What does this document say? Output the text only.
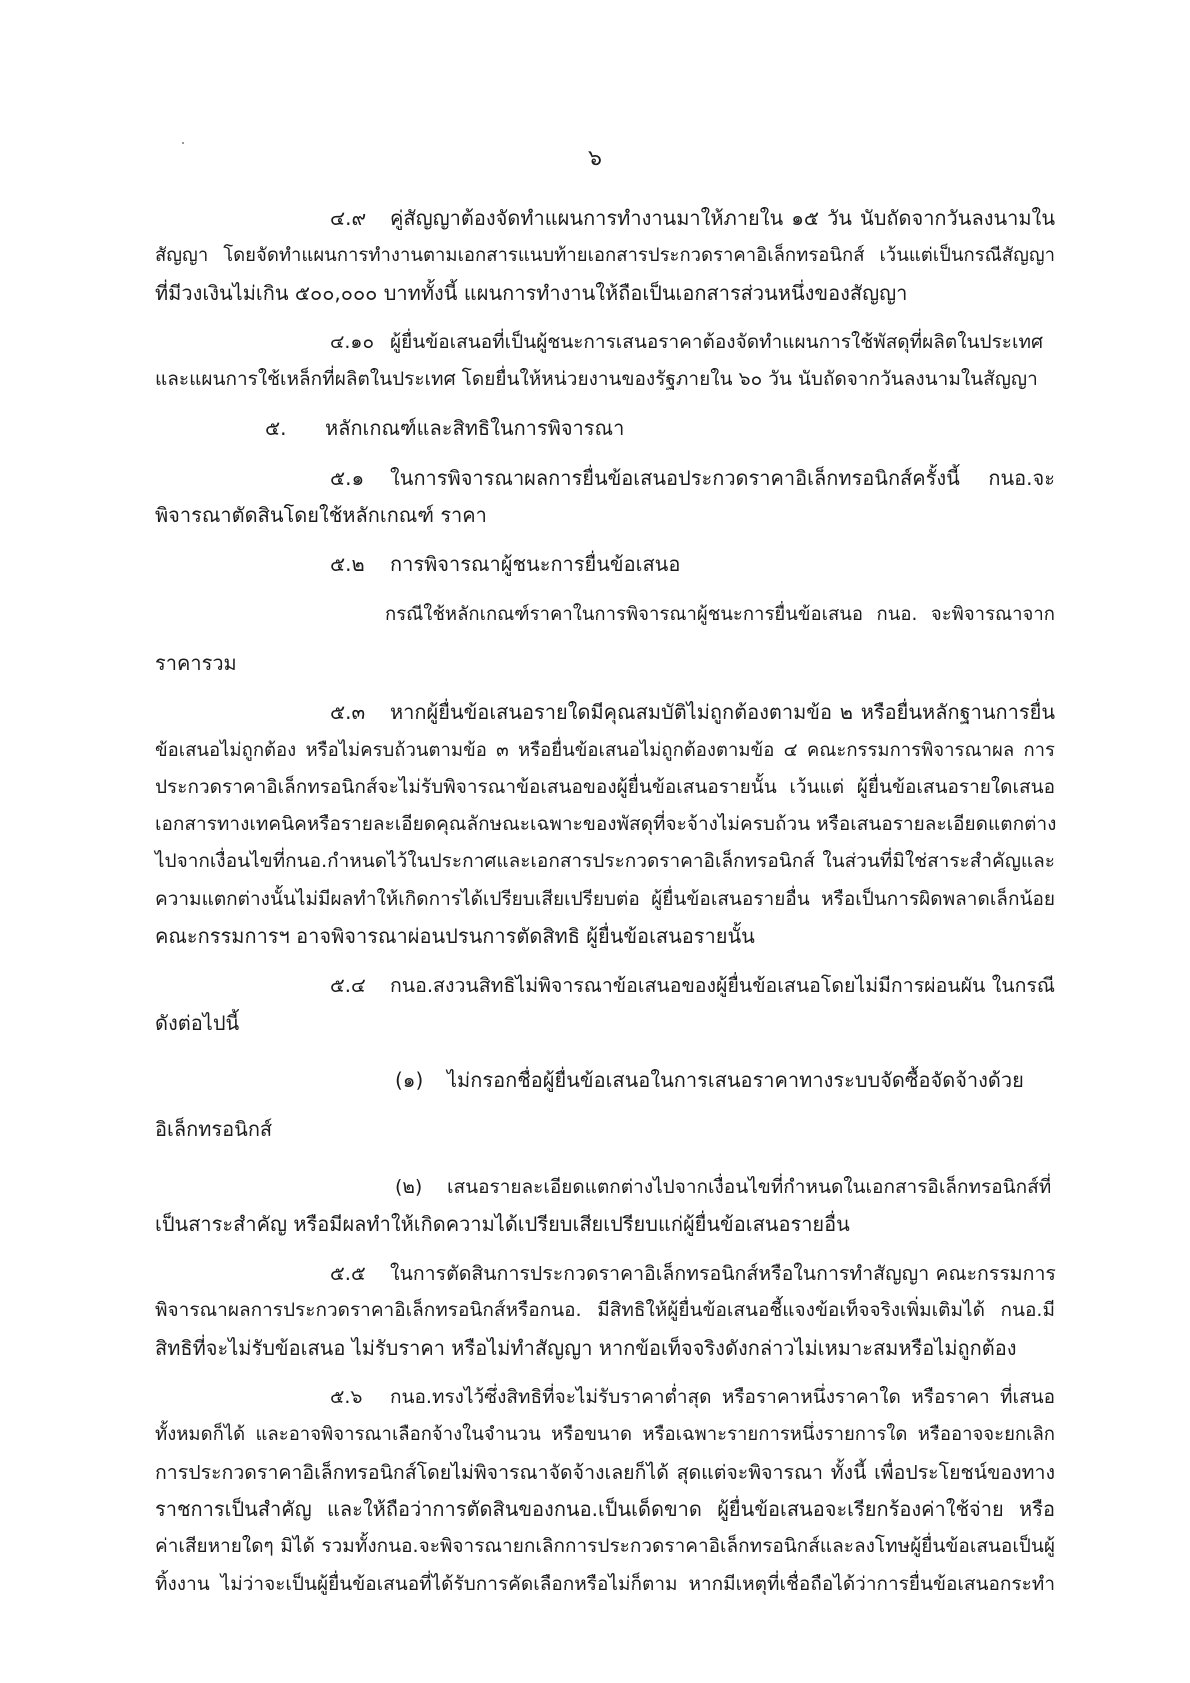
๖
๔.๙ คู่สัญญาต้องจัดทำแผนการทำงานมาให้ภายใน ๑๕ วัน นับถัดจากวันลงนามใน
สัญญา โดยจัดทำแผนการทำงานตามเอกสารแนบท้ายเอกสารประกวดราคาอิเล็กทรอนิกส์ เว้นแต่เป็นกรณีสัญญา
ที่มีวงเงินไม่เกิน ๕๐๐,๐๐๐ บาททั้งนี้ แผนการทำงานให้ถือเป็นเอกสารส่วนหนึ่งของสัญญา
๔.๑๐ ผู้ยื่นข้อเสนอที่เป็นผู้ชนะการเสนอราคาต้องจัดทำแผนการใช้พัสดุที่ผลิตในประเทศ
และแผนการใช้เหล็กที่ผลิตในประเทศ โดยยื่นให้หน่วยงานของรัฐภายใน ๖๐ วัน นับถัดจากวันลงนามในสัญญา
๕. หลักเกณฑ์และสิทธิในการพิจารณา
๕.๑ ในการพิจารณาผลการยื่นข้อเสนอประกวดราคาอิเล็กทรอนิกส์ครั้งนี้ กนอ.จะ
พิจารณาตัดสินโดยใช้หลักเกณฑ์ ราคา
๕.๒ การพิจารณาผู้ชนะการยื่นข้อเสนอ
กรณีใช้หลักเกณฑ์ราคาในการพิจารณาผู้ชนะการยื่นข้อเสนอ กนอ. จะพิจารณาจาก
ราคารวม
๕.๓ หากผู้ยื่นข้อเสนอรายใดมีคุณสมบัติไม่ถูกต้องตามข้อ ๒ หรือยื่นหลักฐานการยื่น
ข้อเสนอไม่ถูกต้อง หรือไม่ครบถ้วนตามข้อ ๓ หรือยื่นข้อเสนอไม่ถูกต้องตามข้อ ๔ คณะกรรมการพิจารณาผล การ
ประกวดราคาอิเล็กทรอนิกส์จะไม่รับพิจารณาข้อเสนอของผู้ยื่นข้อเสนอรายนั้น เว้นแต่ ผู้ยื่นข้อเสนอรายใดเสนอ
เอกสารทางเทคนิคหรือรายละเอียดคุณลักษณะเฉพาะของพัสดุที่จะจ้างไม่ครบถ้วน หรือเสนอรายละเอียดแตกต่าง
ไปจากเงื่อนไขที่กนอ.กำหนดไว้ในประกาศและเอกสารประกวดราคาอิเล็กทรอนิกส์ ในส่วนที่มิใช่สาระสำคัญและ
ความแตกต่างนั้นไม่มีผลทำให้เกิดการได้เปรียบเสียเปรียบต่อ ผู้ยื่นข้อเสนอรายอื่น หรือเป็นการผิดพลาดเล็กน้อย
คณะกรรมการฯ อาจพิจารณาผ่อนปรนการตัดสิทธิ ผู้ยื่นข้อเสนอรายนั้น
๕.๔ กนอ.สงวนสิทธิไม่พิจารณาข้อเสนอของผู้ยื่นข้อเสนอโดยไม่มีการผ่อนผัน ในกรณี
ดังต่อไปนี้
(๑) ไม่กรอกชื่อผู้ยื่นข้อเสนอในการเสนอราคาทางระบบจัดซื้อจัดจ้างด้วย
อิเล็กทรอนิกส์
(๒) เสนอรายละเอียดแตกต่างไปจากเงื่อนไขที่กำหนดในเอกสารอิเล็กทรอนิกส์ที่
เป็นสาระสำคัญ หรือมีผลทำให้เกิดความได้เปรียบเสียเปรียบแก่ผู้ยื่นข้อเสนอรายอื่น
๕.๕ ในการตัดสินการประกวดราคาอิเล็กทรอนิกส์หรือในการทำสัญญา คณะกรรมการ
พิจารณาผลการประกวดราคาอิเล็กทรอนิกส์หรือกนอ. มีสิทธิให้ผู้ยื่นข้อเสนอชี้แจงข้อเท็จจริงเพิ่มเติมได้ กนอ.มี
สิทธิที่จะไม่รับข้อเสนอ ไม่รับราคา หรือไม่ทำสัญญา หากข้อเท็จจริงดังกล่าวไม่เหมาะสมหรือไม่ถูกต้อง
๕.๖ กนอ.ทรงไว้ซึ่งสิทธิที่จะไม่รับราคาต่ำสุด หรือราคาหนึ่งราคาใด หรือราคา ที่เสนอ
ทั้งหมดก็ได้ และอาจพิจารณาเลือกจ้างในจำนวน หรือขนาด หรือเฉพาะรายการหนึ่งรายการใด หรืออาจจะยกเลิก
การประกวดราคาอิเล็กทรอนิกส์โดยไม่พิจารณาจัดจ้างเลยก็ได้ สุดแต่จะพิจารณา ทั้งนี้ เพื่อประโยชน์ของทาง
ราชการเป็นสำคัญ และให้ถือว่าการตัดสินของกนอ.เป็นเด็ดขาด ผู้ยื่นข้อเสนอจะเรียกร้องค่าใช้จ่าย หรือ
ค่าเสียหายใดๆ มิได้ รวมทั้งกนอ.จะพิจารณายกเลิกการประกวดราคาอิเล็กทรอนิกส์และลงโทษผู้ยื่นข้อเสนอเป็นผู้
ทิ้งงาน ไม่ว่าจะเป็นผู้ยื่นข้อเสนอที่ได้รับการคัดเลือกหรือไม่ก็ตาม หากมีเหตุที่เชื่อถือได้ว่าการยื่นข้อเสนอกระทำ
